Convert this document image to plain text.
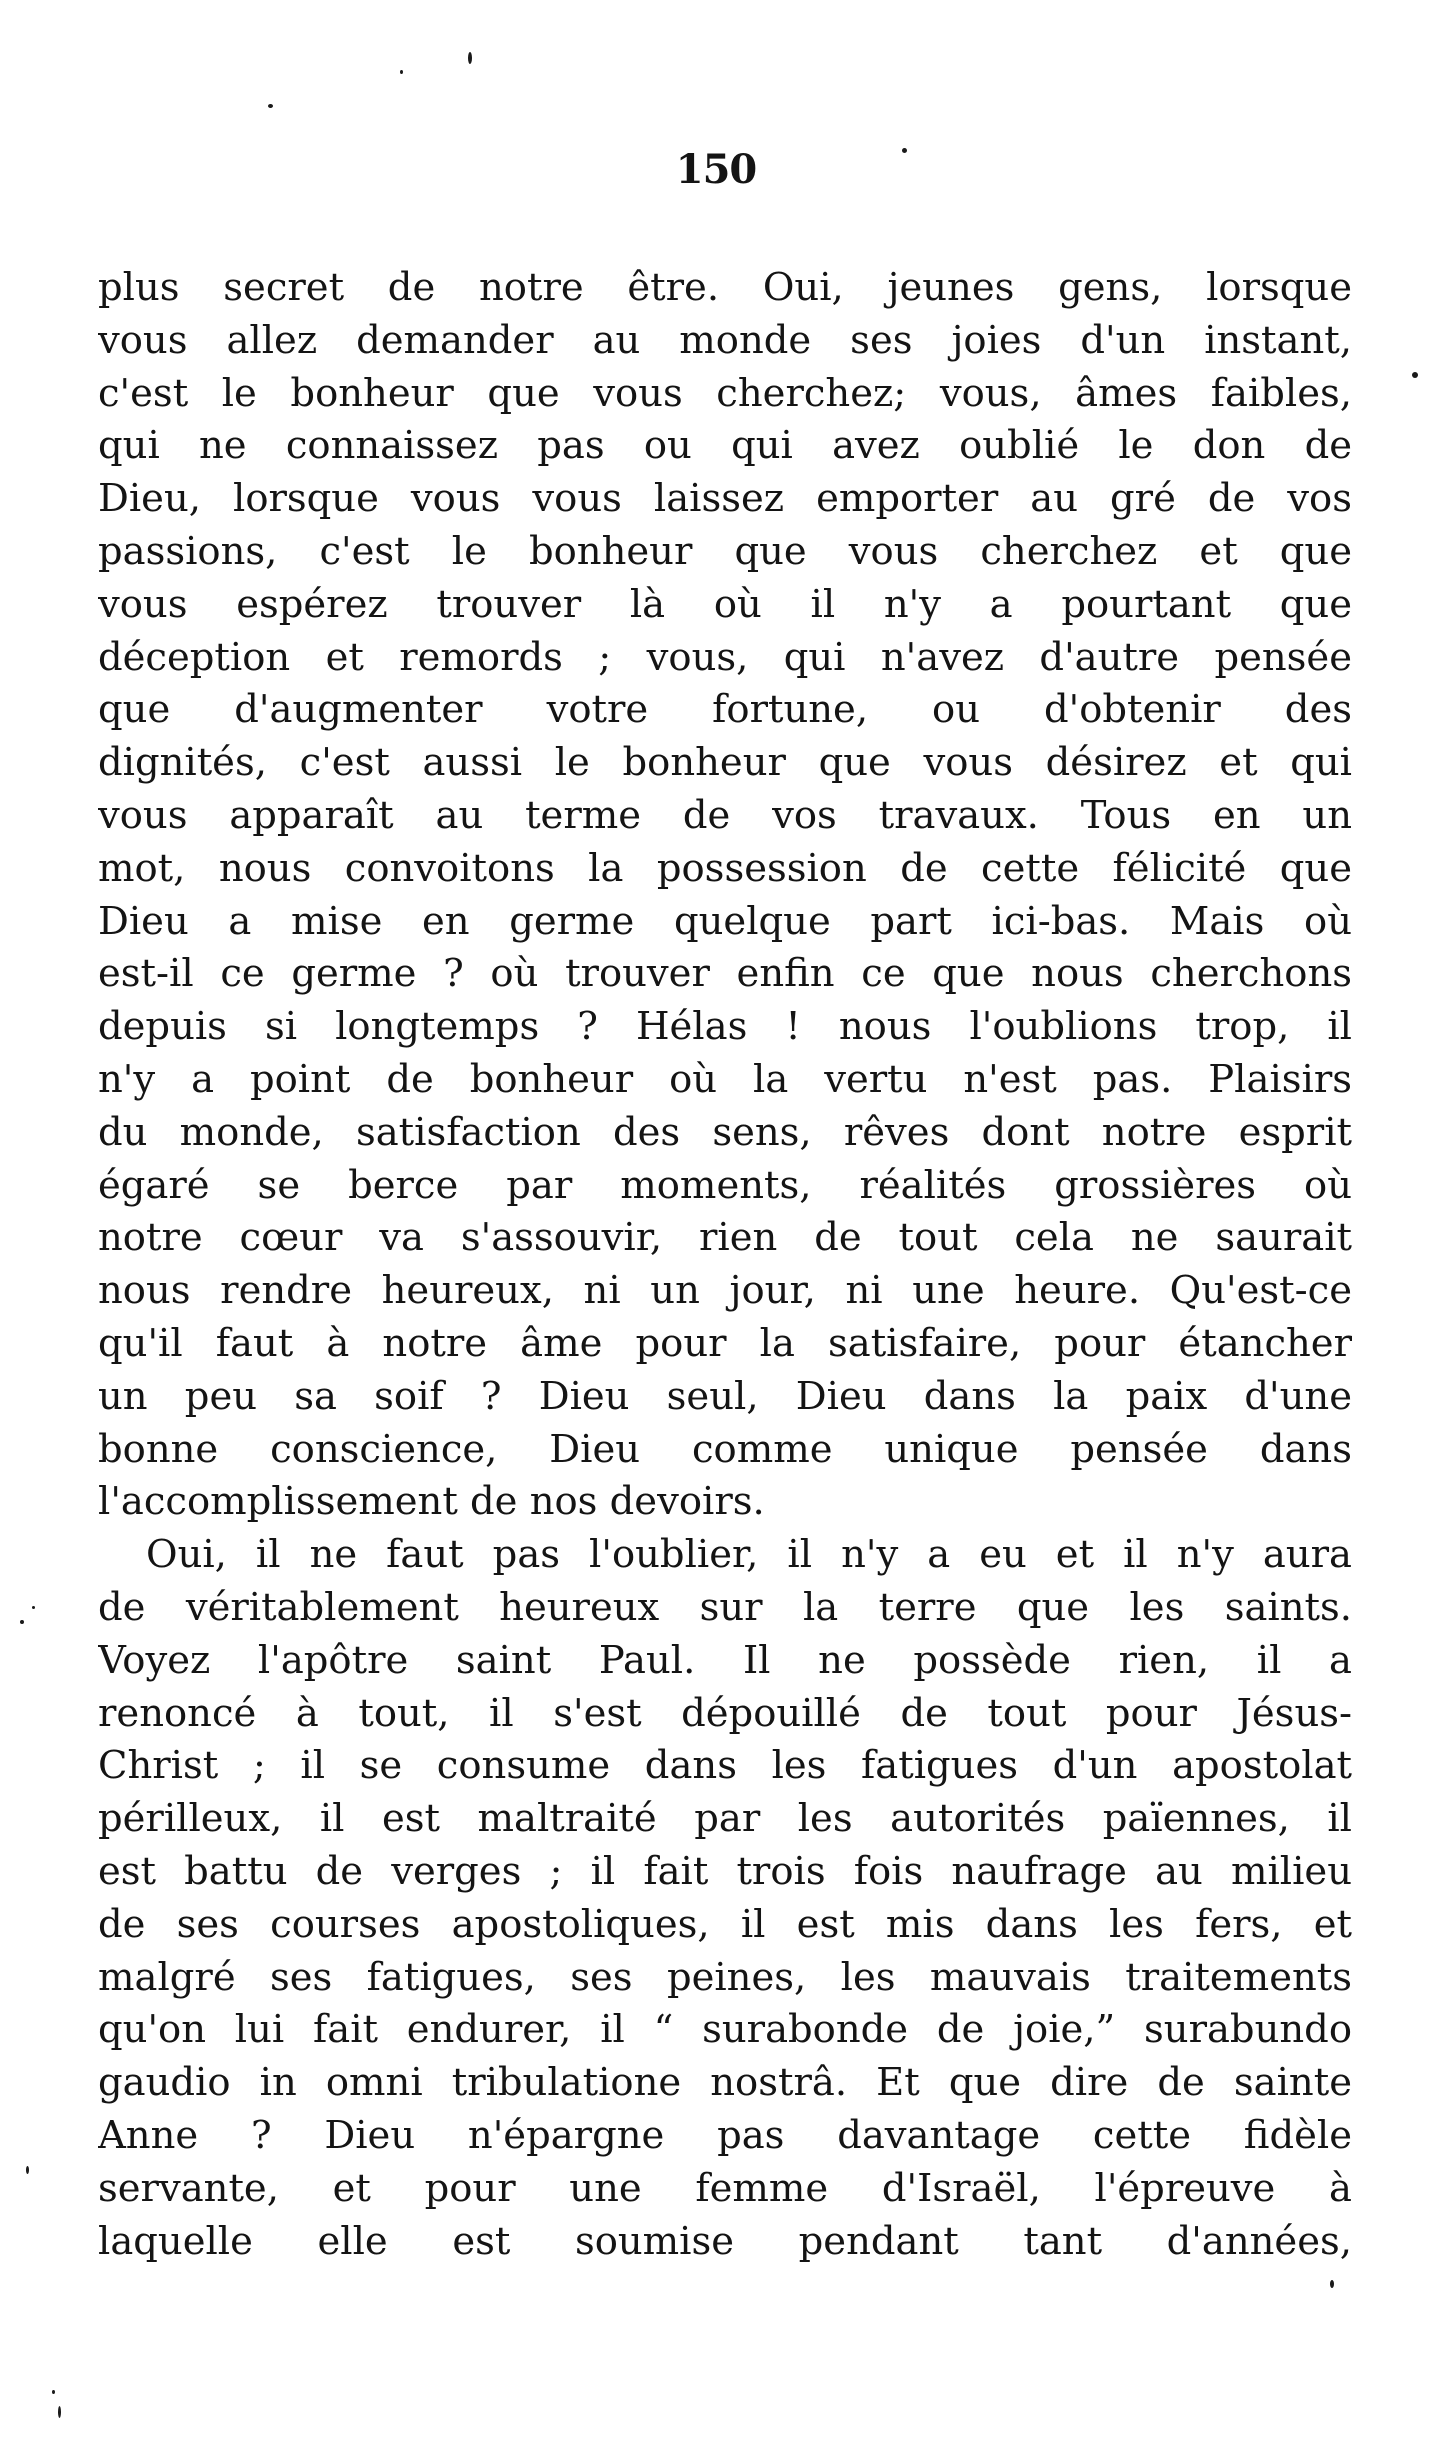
150
plus secret de notre être. Oui, jeunes gens, lorsque
vous allez demander au monde ses joies d'un instant,
c'est le bonheur que vous cherchez; vous, âmes faibles,
qui ne connaissez pas ou qui avez oublié le don de
Dieu, lorsque vous vous laissez emporter au gré de vos
passions, c'est le bonheur que vous cherchez et que
vous espérez trouver là où il n'y a pourtant que
déception et remords ; vous, qui n'avez d'autre pensée
que d'augmenter votre fortune, ou d'obtenir des
dignités, c'est aussi le bonheur que vous désirez et qui
vous apparaît au terme de vos travaux. Tous en un
mot, nous convoitons la possession de cette félicité que
Dieu a mise en germe quelque part ici-bas. Mais où
est-il ce germe ? où trouver enfin ce que nous cherchons
depuis si longtemps ? Hélas ! nous l'oublions trop, il
n'y a point de bonheur où la vertu n'est pas. Plaisirs
du monde, satisfaction des sens, rêves dont notre esprit
égaré se berce par moments, réalités grossières où
notre cœur va s'assouvir, rien de tout cela ne saurait
nous rendre heureux, ni un jour, ni une heure. Qu'est-ce
qu'il faut à notre âme pour la satisfaire, pour étancher
un peu sa soif ? Dieu seul, Dieu dans la paix d'une
bonne conscience, Dieu comme unique pensée dans
l'accomplissement de nos devoirs.
Oui, il ne faut pas l'oublier, il n'y a eu et il n'y aura
de véritablement heureux sur la terre que les saints.
Voyez l'apôtre saint Paul. Il ne possède rien, il a
renoncé à tout, il s'est dépouillé de tout pour Jésus-
Christ ; il se consume dans les fatigues d'un apostolat
périlleux, il est maltraité par les autorités païennes, il
est battu de verges ; il fait trois fois naufrage au milieu
de ses courses apostoliques, il est mis dans les fers, et
malgré ses fatigues, ses peines, les mauvais traitements
qu'on lui fait endurer, il “ surabonde de joie,” surabundo
gaudio in omni tribulatione nostrâ. Et que dire de sainte
Anne ? Dieu n'épargne pas davantage cette fidèle
servante, et pour une femme d'Israël, l'épreuve à
laquelle elle est soumise pendant tant d'années,
